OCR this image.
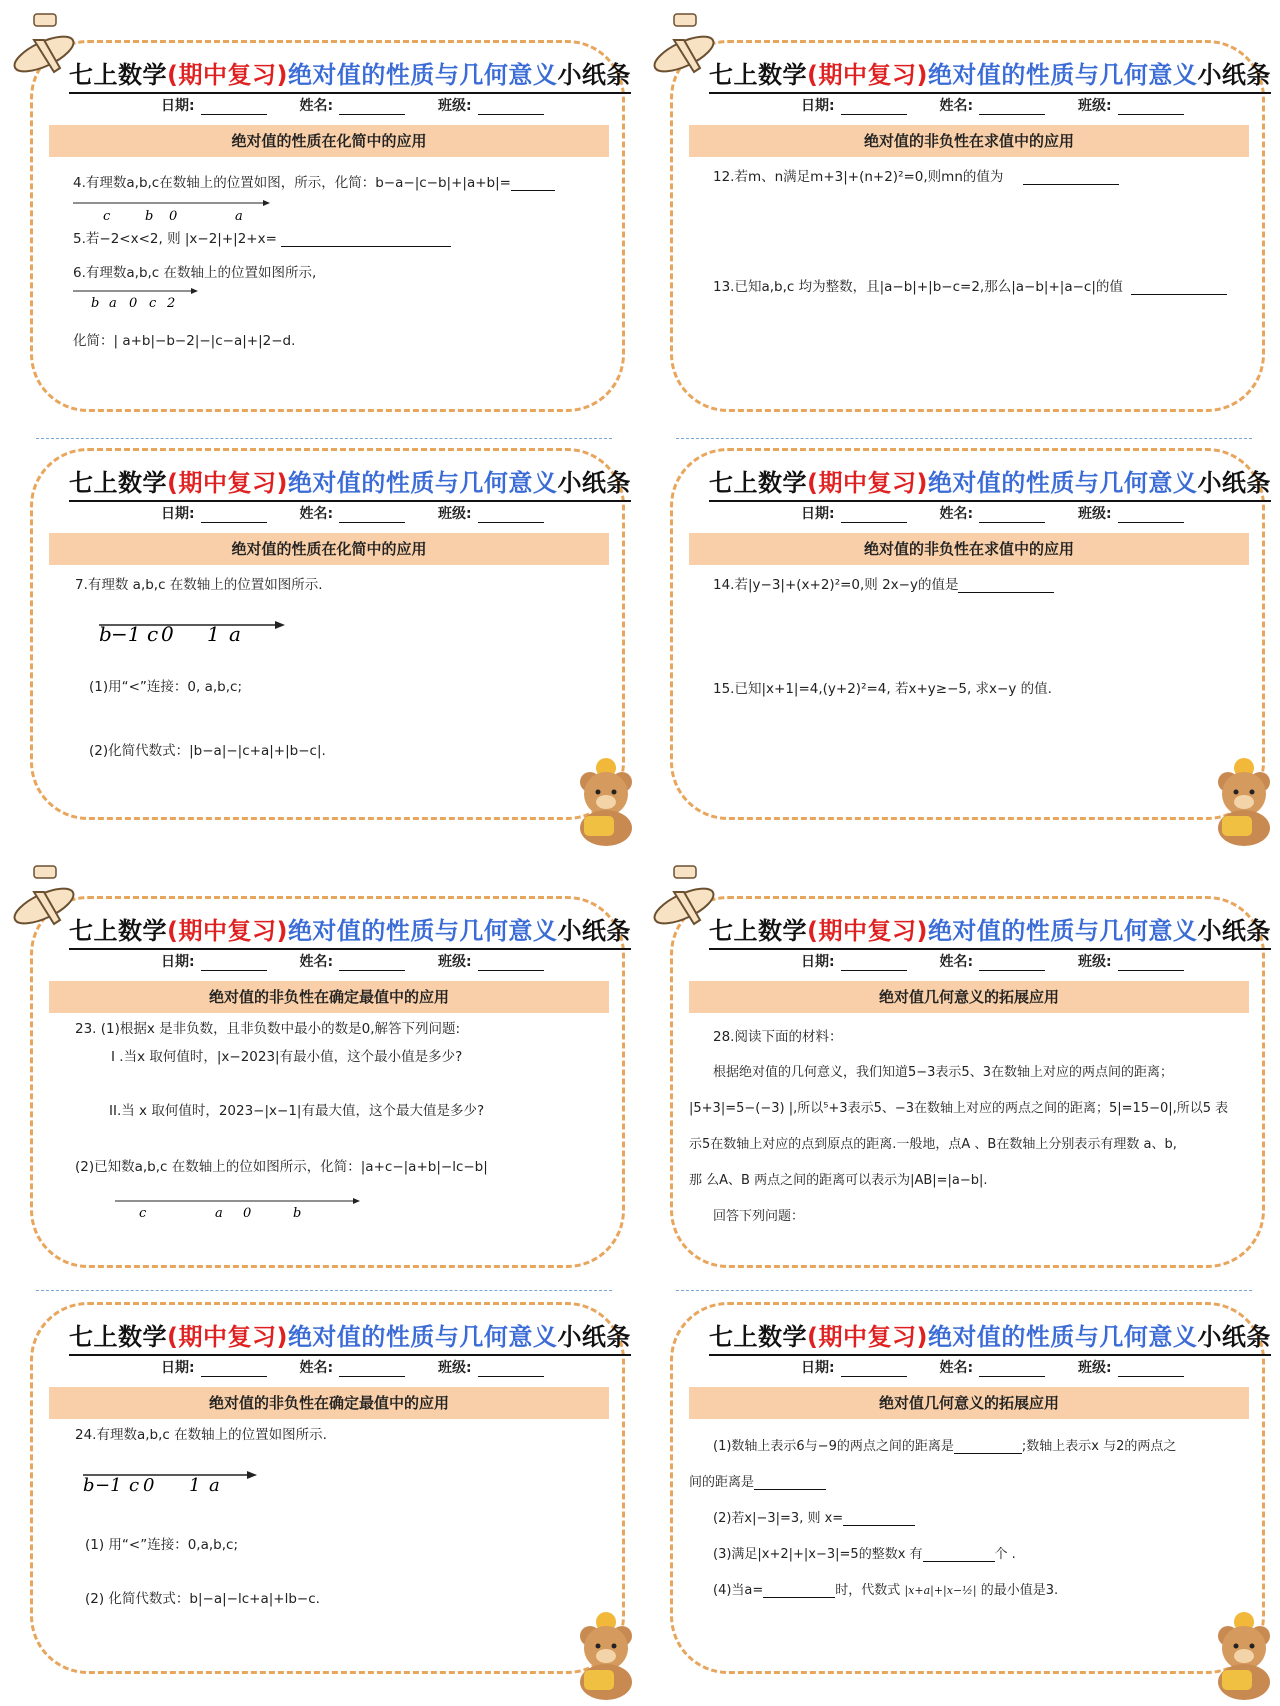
七上数学(期中复习)绝对值的性质与几何意义小纸条
日期:	姓名:	班级:
绝对值的性质在化简中的应用
4.有理数a,b,c在数轴上的位置如图，所示，化简：b−a−|c−b|+|a+b|=
c	b 0	a
5.若−2<x<2, 则 |x−2|+|2+x=
6.有理数a,b,c 在数轴上的位置如图所示,
b a 0 c 2
化简：| a+b|−b−2|−|c−a|+|2−d.
七上数学(期中复习)绝对值的性质与几何意义小纸条
日期:	姓名:	班级:
绝对值的非负性在求值中的应用
12.若m、n满足m+3|+(n+2)²=0,则mn的值为
13.已知a,b,c 均为整数，且|a−b|+|b−c=2,那么|a−b|+|a−c|的值
七上数学(期中复习)绝对值的性质与几何意义小纸条
日期:	姓名:	班级:
绝对值的性质在化简中的应用
7.有理数 a,b,c 在数轴上的位置如图所示.
b −1 c 0 1 a
(1)用“<”连接：0, a,b,c;
(2)化简代数式：|b−a|−|c+a|+|b−c|.
七上数学(期中复习)绝对值的性质与几何意义小纸条
日期:	姓名:	班级:
绝对值的非负性在求值中的应用
14.若|y−3|+(x+2)²=0,则 2x−y的值是
15.已知|x+1|=4,(y+2)²=4, 若x+y≥−5, 求x−y 的值.
七上数学(期中复习)绝对值的性质与几何意义小纸条
日期:	姓名:	班级:
绝对值的非负性在确定最值中的应用
23. (1)根据x 是非负数，且非负数中最小的数是0,解答下列问题:
I .当x 取何值时，|x−2023|有最小值，这个最小值是多少?
II.当 x 取何值时，2023−|x−1|有最大值，这个最大值是多少?
(2)已知数a,b,c 在数轴上的位如图所示，化简：|a+c−|a+b|−lc−b|
c	a 0	b
七上数学(期中复习)绝对值的性质与几何意义小纸条
日期:	姓名:	班级:
绝对值几何意义的拓展应用
28.阅读下面的材料：
根据绝对值的几何意义，我们知道5−3表示5、3在数轴上对应的两点间的距离；
|5+3|=5−(−3) |,所以⁵+3表示5、−3在数轴上对应的两点之间的距离；5|=15−0|,所以5 表
示5在数轴上对应的点到原点的距离.一般地，点A 、B在数轴上分别表示有理数 a、b,
那 么A、B 两点之间的距离可以表示为|AB|=|a−b|.
回答下列问题：
七上数学(期中复习)绝对值的性质与几何意义小纸条
日期:	姓名:	班级:
绝对值的非负性在确定最值中的应用
24.有理数a,b,c 在数轴上的位置如图所示.
b −1 c 0 1 a
(1) 用“<”连接：0,a,b,c;
(2) 化简代数式：b|−a|−lc+a|+lb−c.
七上数学(期中复习)绝对值的性质与几何意义小纸条
日期:	姓名:	班级:
绝对值几何意义的拓展应用
(1)数轴上表示6与−9的两点之间的距离是	;数轴上表示x 与2的两点之
间的距离是
(2)若x|−3|=3, 则 x=
(3)满足|x+2|+|x−3|=5的整数x 有	个 .
(4)当a=	时，代数式 |x+a|+|x−½| 的最小值是3.
